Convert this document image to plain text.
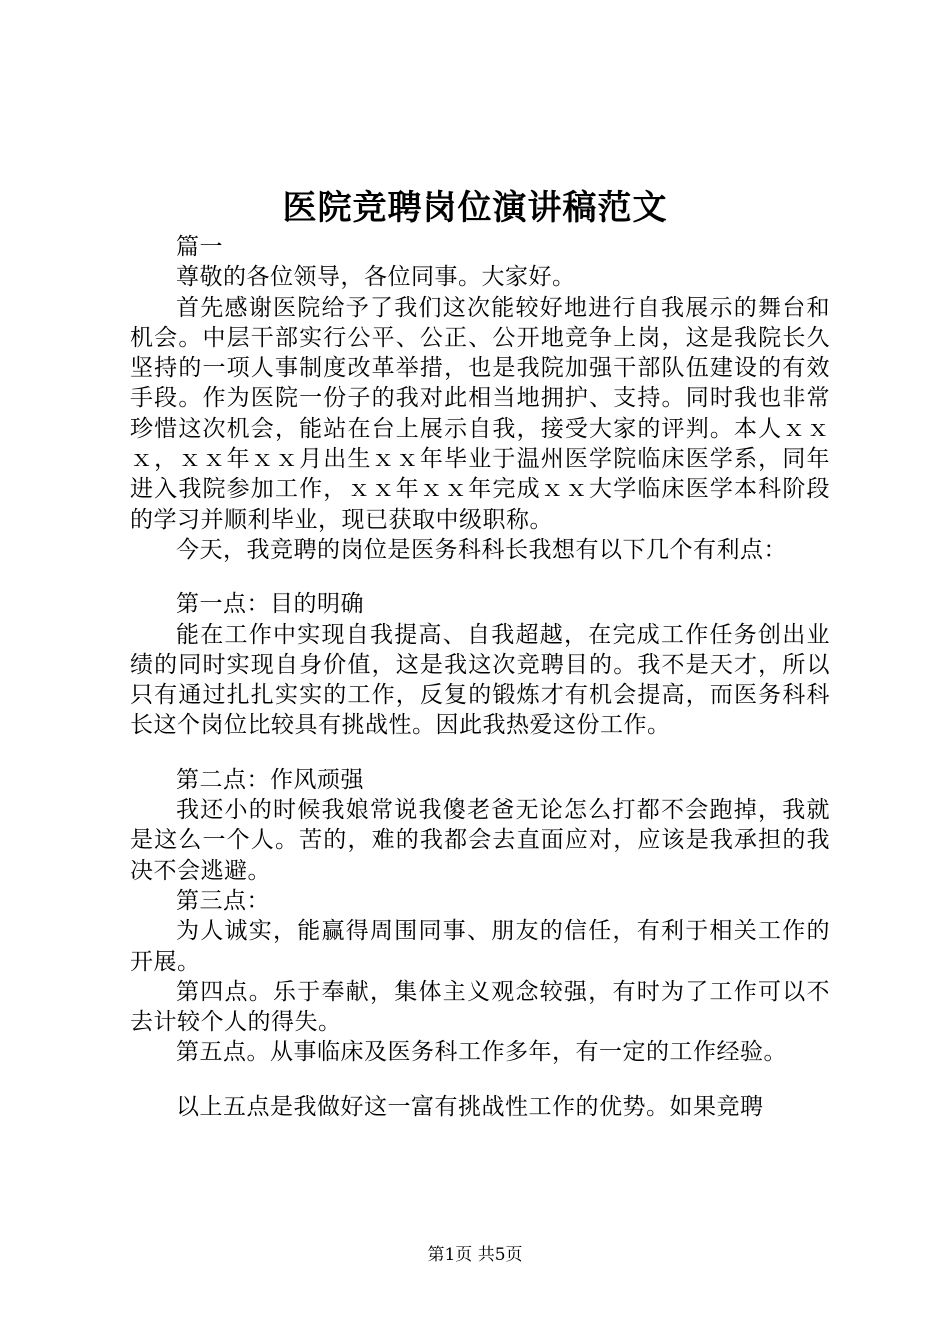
医院竞聘岗位演讲稿范文

篇一

尊敬的各位领导，各位同事。大家好。

首先感谢医院给予了我们这次能较好地进行自我展示的舞台和机会。中层干部实行公平、公正、公开地竞争上岗，这是我院长久坚持的一项人事制度改革举措，也是我院加强干部队伍建设的有效手段。作为医院一份子的我对此相当地拥护、支持。同时我也非常珍惜这次机会，能站在台上展示自我，接受大家的评判。本人ｘｘｘ，ｘｘ年ｘｘ月出生ｘｘ年毕业于温州医学院临床医学系，同年进入我院参加工作，ｘｘ年ｘｘ年完成ｘｘ大学临床医学本科阶段的学习并顺利毕业，现已获取中级职称。

今天，我竞聘的岗位是医务科科长我想有以下几个有利点：

第一点：目的明确

能在工作中实现自我提高、自我超越，在完成工作任务创出业绩的同时实现自身价值，这是我这次竞聘目的。我不是天才，所以只有通过扎扎实实的工作，反复的锻炼才有机会提高，而医务科科长这个岗位比较具有挑战性。因此我热爱这份工作。

第二点：作风顽强

我还小的时候我娘常说我傻老爸无论怎么打都不会跑掉，我就是这么一个人。苦的，难的我都会去直面应对，应该是我承担的我决不会逃避。

第三点：

为人诚实，能赢得周围同事、朋友的信任，有利于相关工作的开展。

第四点。乐于奉献，集体主义观念较强，有时为了工作可以不去计较个人的得失。

第五点。从事临床及医务科工作多年，有一定的工作经验。

以上五点是我做好这一富有挑战性工作的优势。如果竞聘

第1页 共5页
